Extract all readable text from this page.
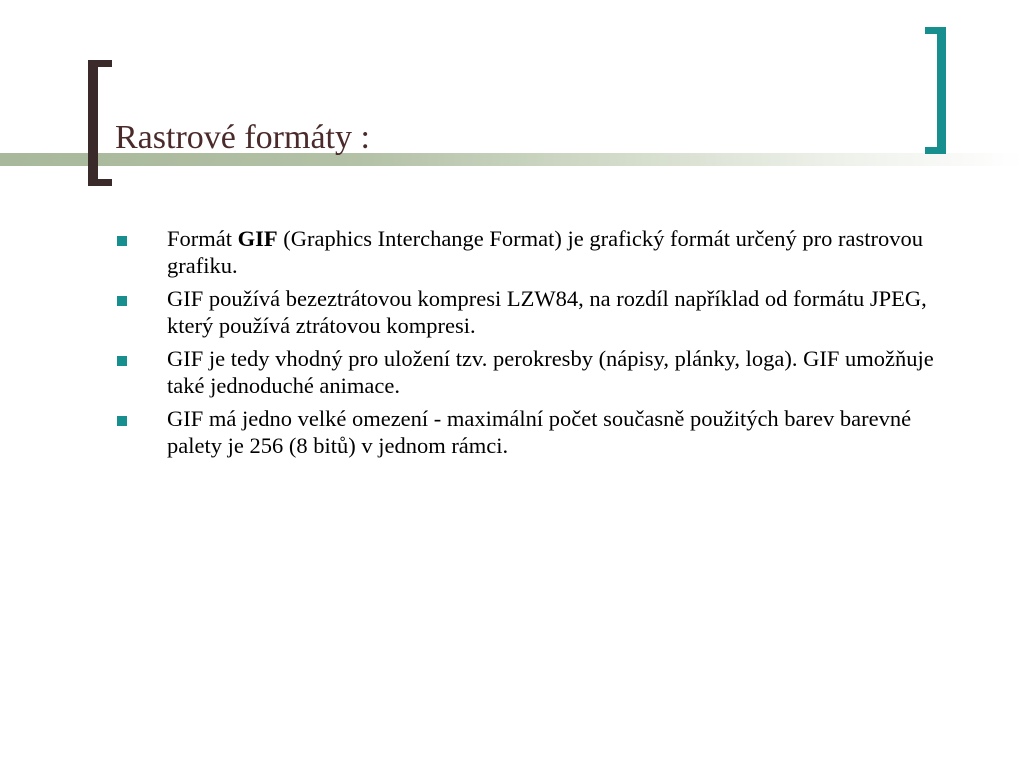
Rastrové formáty :
Formát GIF (Graphics Interchange Format) je grafický formát určený pro rastrovou grafiku.
GIF používá bezeztrátovou kompresi LZW84, na rozdíl například od formátu JPEG, který používá ztrátovou kompresi.
GIF je tedy vhodný pro uložení tzv. perokresby (nápisy, plánky, loga). GIF umožňuje také jednoduché animace.
GIF má jedno velké omezení - maximální počet současně použitých barev barevné palety je 256 (8 bitů) v jednom rámci.
